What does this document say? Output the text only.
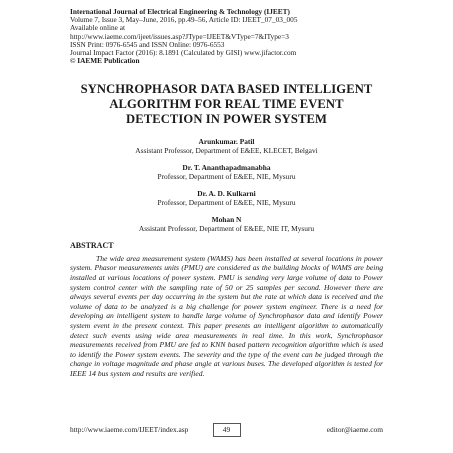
International Journal of Electrical Engineering & Technology (IJEET)
Volume 7, Issue 3, May–June, 2016, pp.49–56, Article ID: IJEET_07_03_005
Available online at
http://www.iaeme.com/ijeet/issues.asp?JType=IJEET&VType=7&IType=3
ISSN Print: 0976-6545 and ISSN Online: 0976-6553
Journal Impact Factor (2016): 8.1891 (Calculated by GISI) www.jifactor.com
© IAEME Publication
SYNCHROPHASOR DATA BASED INTELLIGENT ALGORITHM FOR REAL TIME EVENT DETECTION IN POWER SYSTEM
Arunkumar. Patil
Assistant Professor, Department of E&EE, KLECET, Belgavi
Dr. T. Ananthapadmanabha
Professor, Department of E&EE, NIE, Mysuru
Dr. A. D. Kulkarni
Professor, Department of E&EE, NIE, Mysuru
Mohan N
Assistant Professor, Department of E&EE, NIE IT, Mysuru
ABSTRACT
The wide area measurement system (WAMS) has been installed at several locations in power system. Phasor measurements units (PMU) are considered as the building blocks of WAMS are being installed at various locations of power system. PMU is sending very large volume of data to Power system control center with the sampling rate of 50 or 25 samples per second. However there are always several events per day occurring in the system but the rate at which data is received and the volume of data to be analyzed is a big challenge for power system engineer. There is a need for developing an intelligent system to handle large volume of Synchrophasor data and identify Power system event in the present context. This paper presents an intelligent algorithm to automatically detect such events using wide area measurements in real time. In this work, Synchrophasor measurements received from PMU are fed to KNN based pattern recognition algorithm which is used to identify the Power system events. The severity and the type of the event can be judged through the change in voltage magnitude and phase angle at various buses. The developed algorithm is tested for IEEE 14 bus system and results are verified.
http://www.iaeme.com/IJEET/index.asp	49	editor@iaeme.com
